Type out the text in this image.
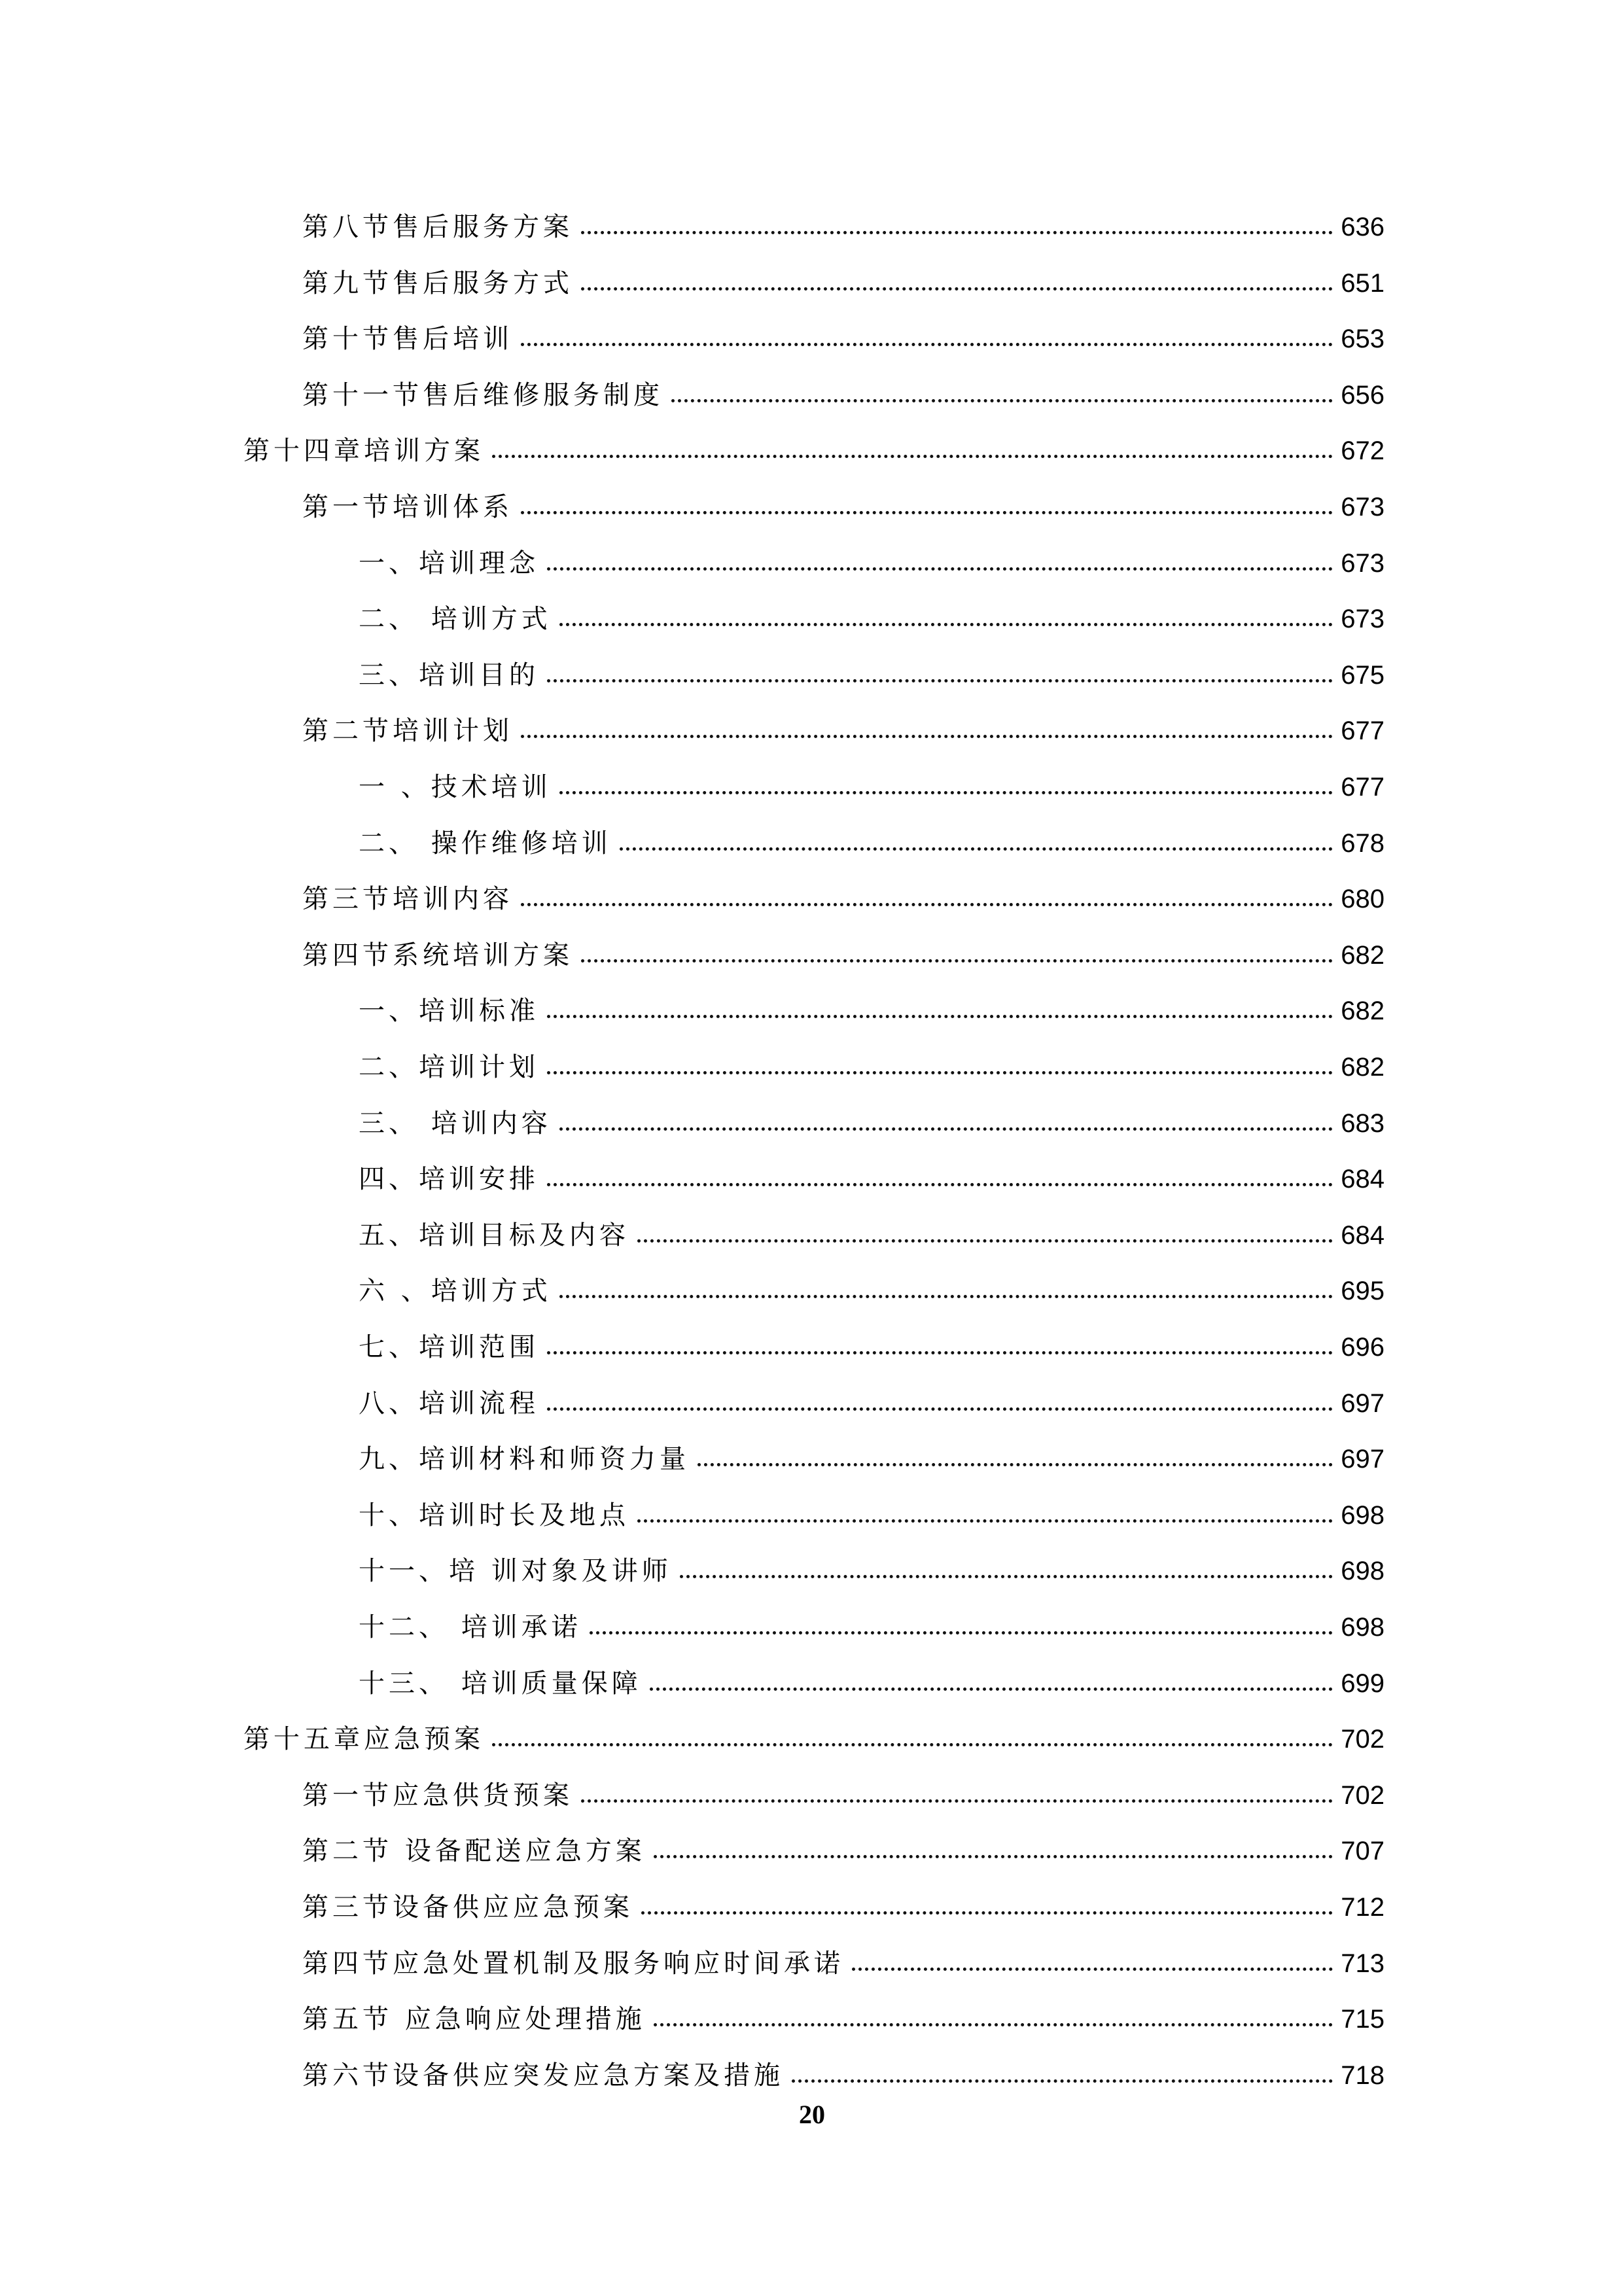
第八节售后服务方案	636
第九节售后服务方式	651
第十节售后培训	653
第十一节售后维修服务制度	656
第十四章培训方案	672
第一节培训体系	673
一、培训理念	673
二、 培训方式	673
三、培训目的	675
第二节培训计划	677
一 、技术培训	677
二、 操作维修培训	678
第三节培训内容	680
第四节系统培训方案	682
一、培训标准	682
二、培训计划	682
三、 培训内容	683
四、培训安排	684
五、培训目标及内容	684
六 、培训方式	695
七、培训范围	696
八、培训流程	697
九、培训材料和师资力量	697
十、培训时长及地点	698
十一、培 训对象及讲师	698
十二、 培训承诺	698
十三、 培训质量保障	699
第十五章应急预案	702
第一节应急供货预案	702
第二节 设备配送应急方案	707
第三节设备供应应急预案	712
第四节应急处置机制及服务响应时间承诺	713
第五节 应急响应处理措施	715
第六节设备供应突发应急方案及措施	718
20
